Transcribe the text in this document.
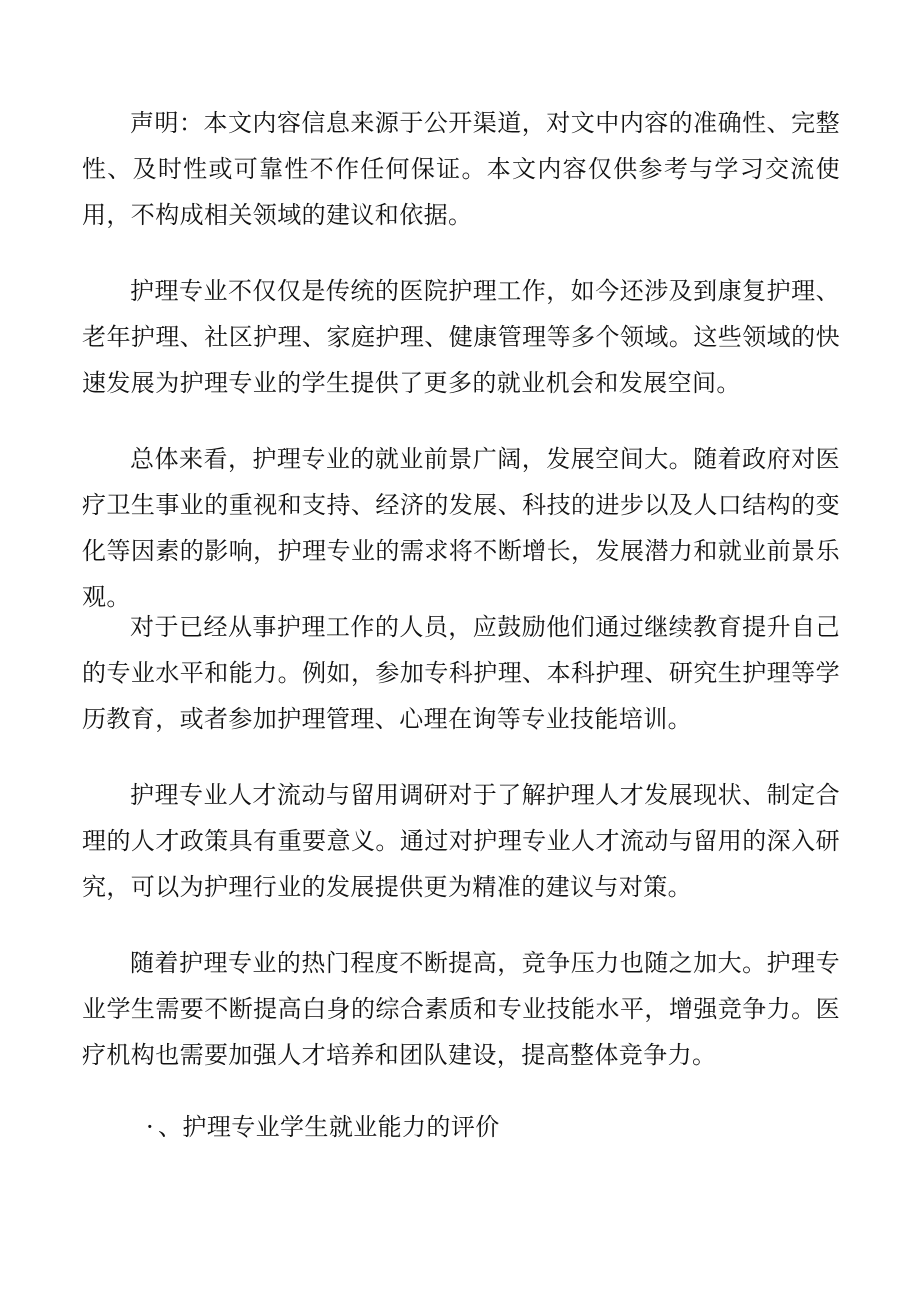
声明：本文内容信息来源于公开渠道，对文中内容的准确性、完整性、及时性或可靠性不作任何保证。本文内容仅供参考与学习交流使用，不构成相关领域的建议和依据。

护理专业不仅仅是传统的医院护理工作，如今还涉及到康复护理、老年护理、社区护理、家庭护理、健康管理等多个领域。这些领域的快速发展为护理专业的学生提供了更多的就业机会和发展空间。

总体来看，护理专业的就业前景广阔，发展空间大。随着政府对医疗卫生事业的重视和支持、经济的发展、科技的进步以及人口结构的变化等因素的影响，护理专业的需求将不断增长，发展潜力和就业前景乐观。

对于已经从事护理工作的人员，应鼓励他们通过继续教育提升自己的专业水平和能力。例如，参加专科护理、本科护理、研究生护理等学历教育，或者参加护理管理、心理在询等专业技能培训。

护理专业人才流动与留用调研对于了解护理人才发展现状、制定合理的人才政策具有重要意义。通过对护理专业人才流动与留用的深入研究，可以为护理行业的发展提供更为精准的建议与对策。

随着护理专业的热门程度不断提高，竞争压力也随之加大。护理专业学生需要不断提高白身的综合素质和专业技能水平，增强竞争力。医疗机构也需要加强人才培养和团队建设，提高整体竞争力。

· 、护理专业学生就业能力的评价
